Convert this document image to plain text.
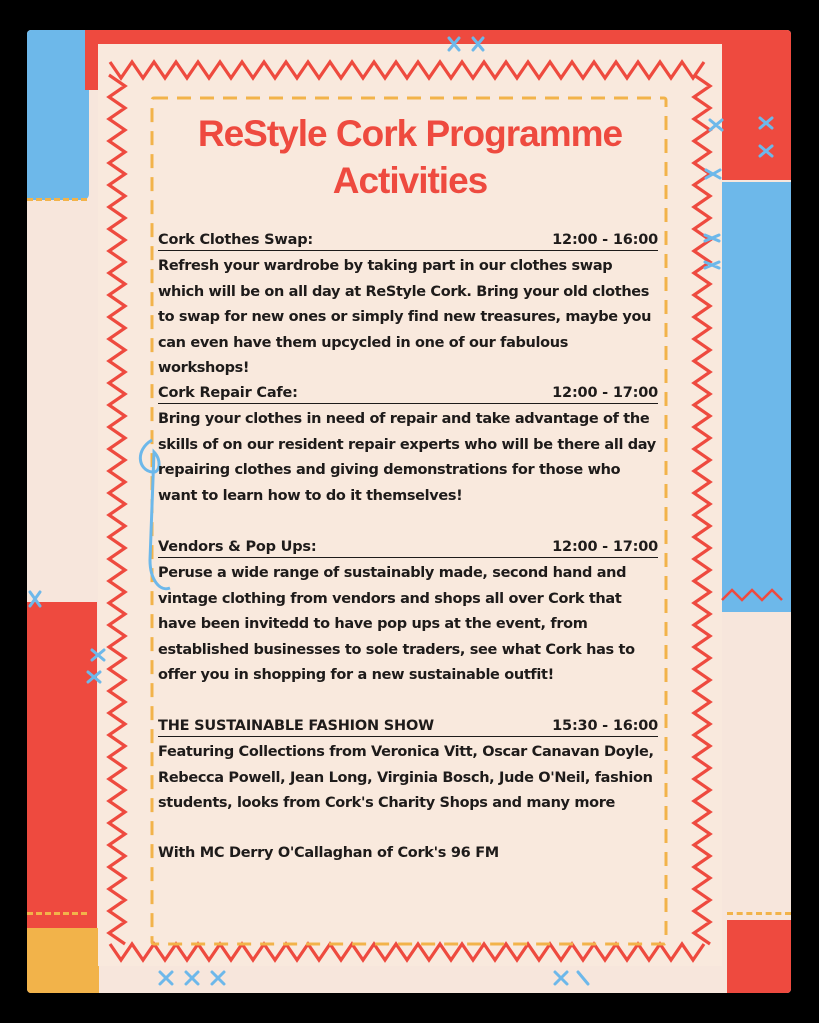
ReStyle Cork Programme
Activities
Cork Clothes Swap:	12:00 - 16:00
Refresh your wardrobe by taking part in our clothes swap which will be on all day at ReStyle Cork. Bring your old clothes to swap for new ones or simply find new treasures, maybe you can even have them upcycled in one of our fabulous workshops!
Cork Repair Cafe:	12:00 - 17:00
Bring your clothes in need of repair and take advantage of the skills of on our resident repair experts who will be there all day repairing clothes and giving demonstrations for those who want to learn how to do it themselves!
Vendors & Pop Ups:	12:00 - 17:00
Peruse a wide range of sustainably made, second hand and vintage clothing from vendors and shops all over Cork that have been invitedd to have pop ups at the event, from established businesses to sole traders, see what Cork has to offer you in shopping for a new sustainable outfit!
THE SUSTAINABLE FASHION SHOW	15:30 - 16:00
Featuring Collections from Veronica Vitt, Oscar Canavan Doyle, Rebecca Powell, Jean Long, Virginia Bosch, Jude O'Neil, fashion students, looks from Cork's Charity Shops and many more
With MC Derry O'Callaghan of Cork's 96 FM
